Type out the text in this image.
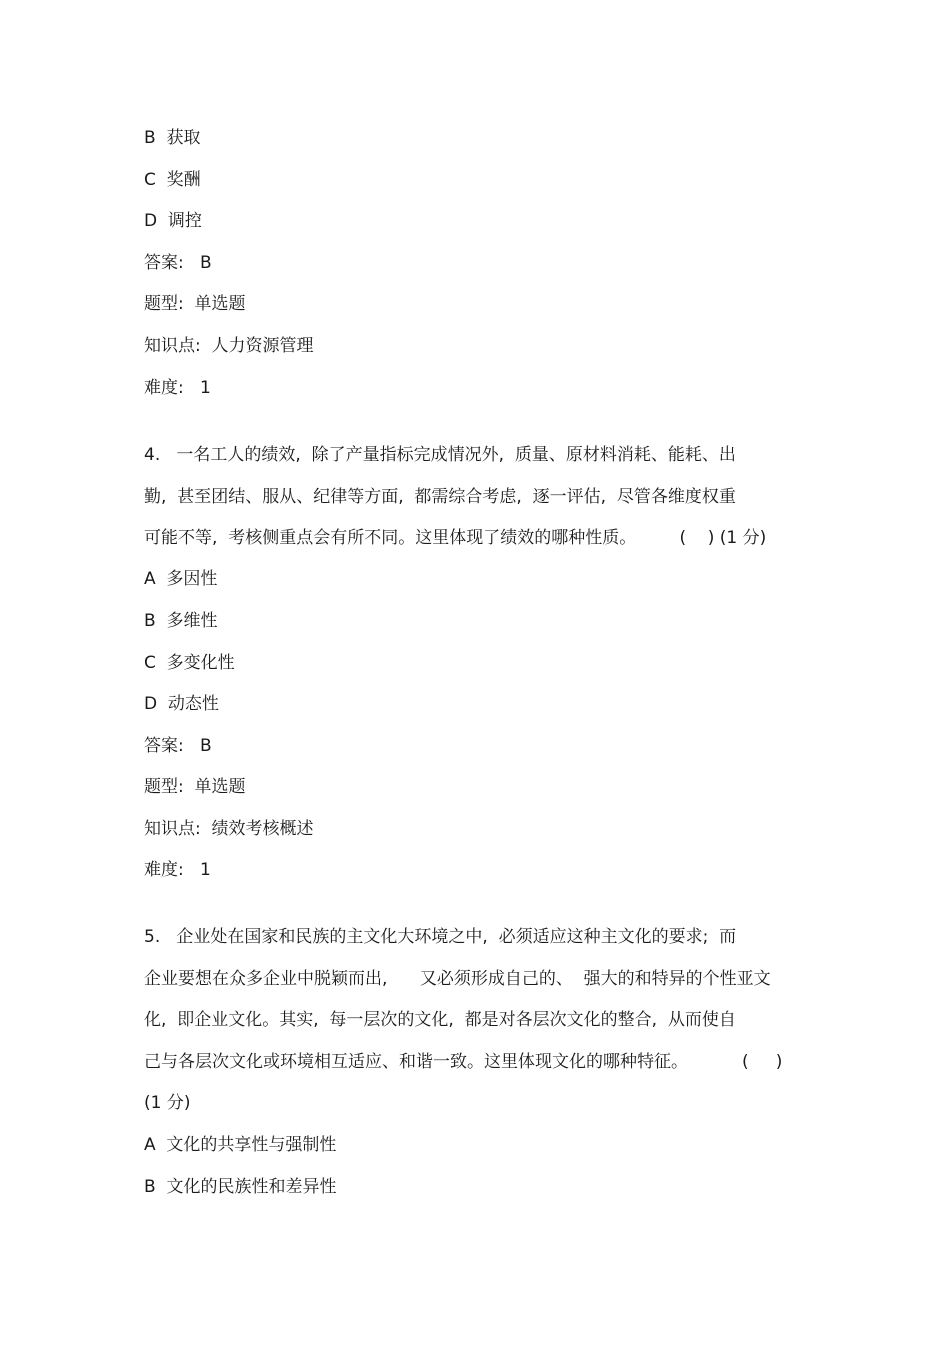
B  获取

C  奖酬

D  调控

答案:   B

题型:  单选题

知识点:  人力资源管理

难度:   1

4.   一名工人的绩效,  除了产量指标完成情况外,  质量、原材料消耗、能耗、出

勤,  甚至团结、服从、纪律等方面,  都需综合考虑,  逐一评估,  尽管各维度权重

可能不等,  考核侧重点会有所不同。这里体现了绩效的哪种性质。        (    ) (1 分)

A  多因性

B  多维性

C  多变化性

D  动态性

答案:   B

题型:  单选题

知识点:  绩效考核概述

难度:   1

5.   企业处在国家和民族的主文化大环境之中,  必须适应这种主文化的要求;  而

企业要想在众多企业中脱颖而出,      又必须形成自己的、  强大的和特异的个性亚文

化,  即企业文化。其实,  每一层次的文化,  都是对各层次文化的整合,  从而使自

己与各层次文化或环境相互适应、和谐一致。这里体现文化的哪种特征。          (     )

(1 分)

A  文化的共享性与强制性

B  文化的民族性和差异性
